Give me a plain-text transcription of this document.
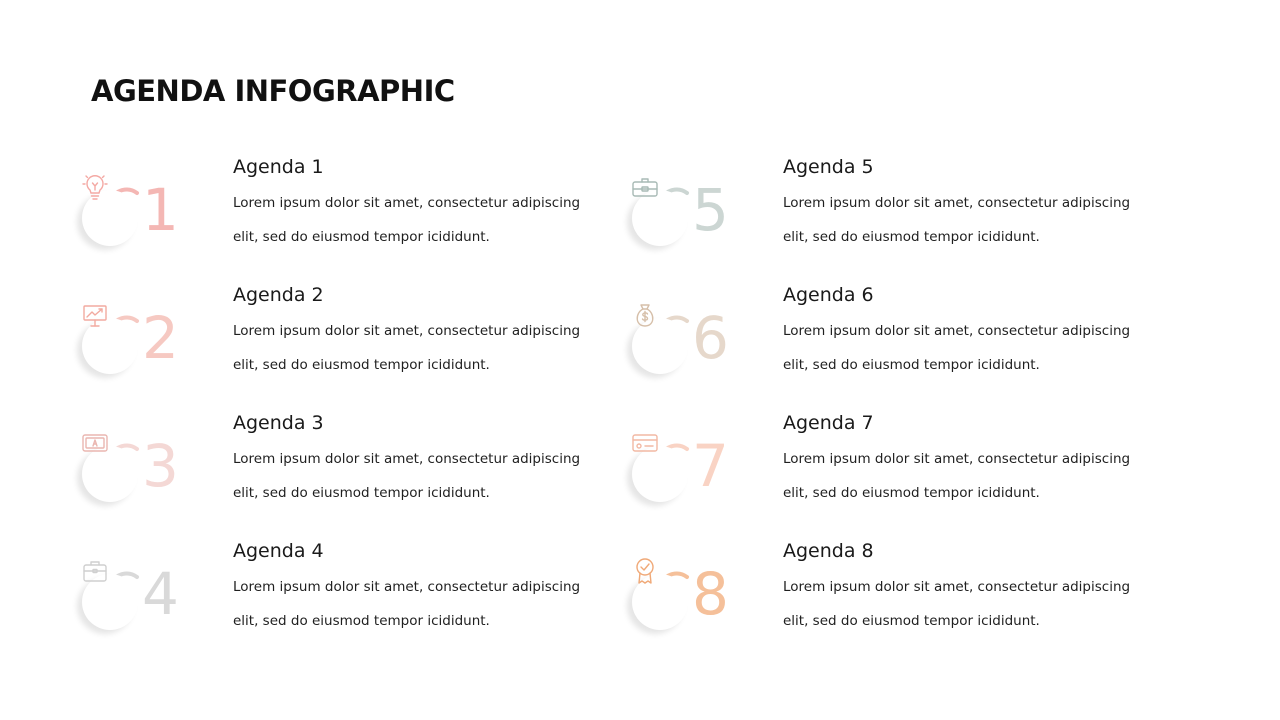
AGENDA INFOGRAPHIC
1
Agenda 1

Lorem ipsum dolor sit amet, consectetur adipiscing elit, sed do eiusmod tempor icididunt.

2
Agenda 2

Lorem ipsum dolor sit amet, consectetur adipiscing elit, sed do eiusmod tempor icididunt.

3
Agenda 3

Lorem ipsum dolor sit amet, consectetur adipiscing elit, sed do eiusmod tempor icididunt.

4
Agenda 4

Lorem ipsum dolor sit amet, consectetur adipiscing elit, sed do eiusmod tempor icididunt.

5
Agenda 5

Lorem ipsum dolor sit amet, consectetur adipiscing elit, sed do eiusmod tempor icididunt.

6
Agenda 6

Lorem ipsum dolor sit amet, consectetur adipiscing elit, sed do eiusmod tempor icididunt.

7
Agenda 7

Lorem ipsum dolor sit amet, consectetur adipiscing elit, sed do eiusmod tempor icididunt.

8
Agenda 8

Lorem ipsum dolor sit amet, consectetur adipiscing elit, sed do eiusmod tempor icididunt.
